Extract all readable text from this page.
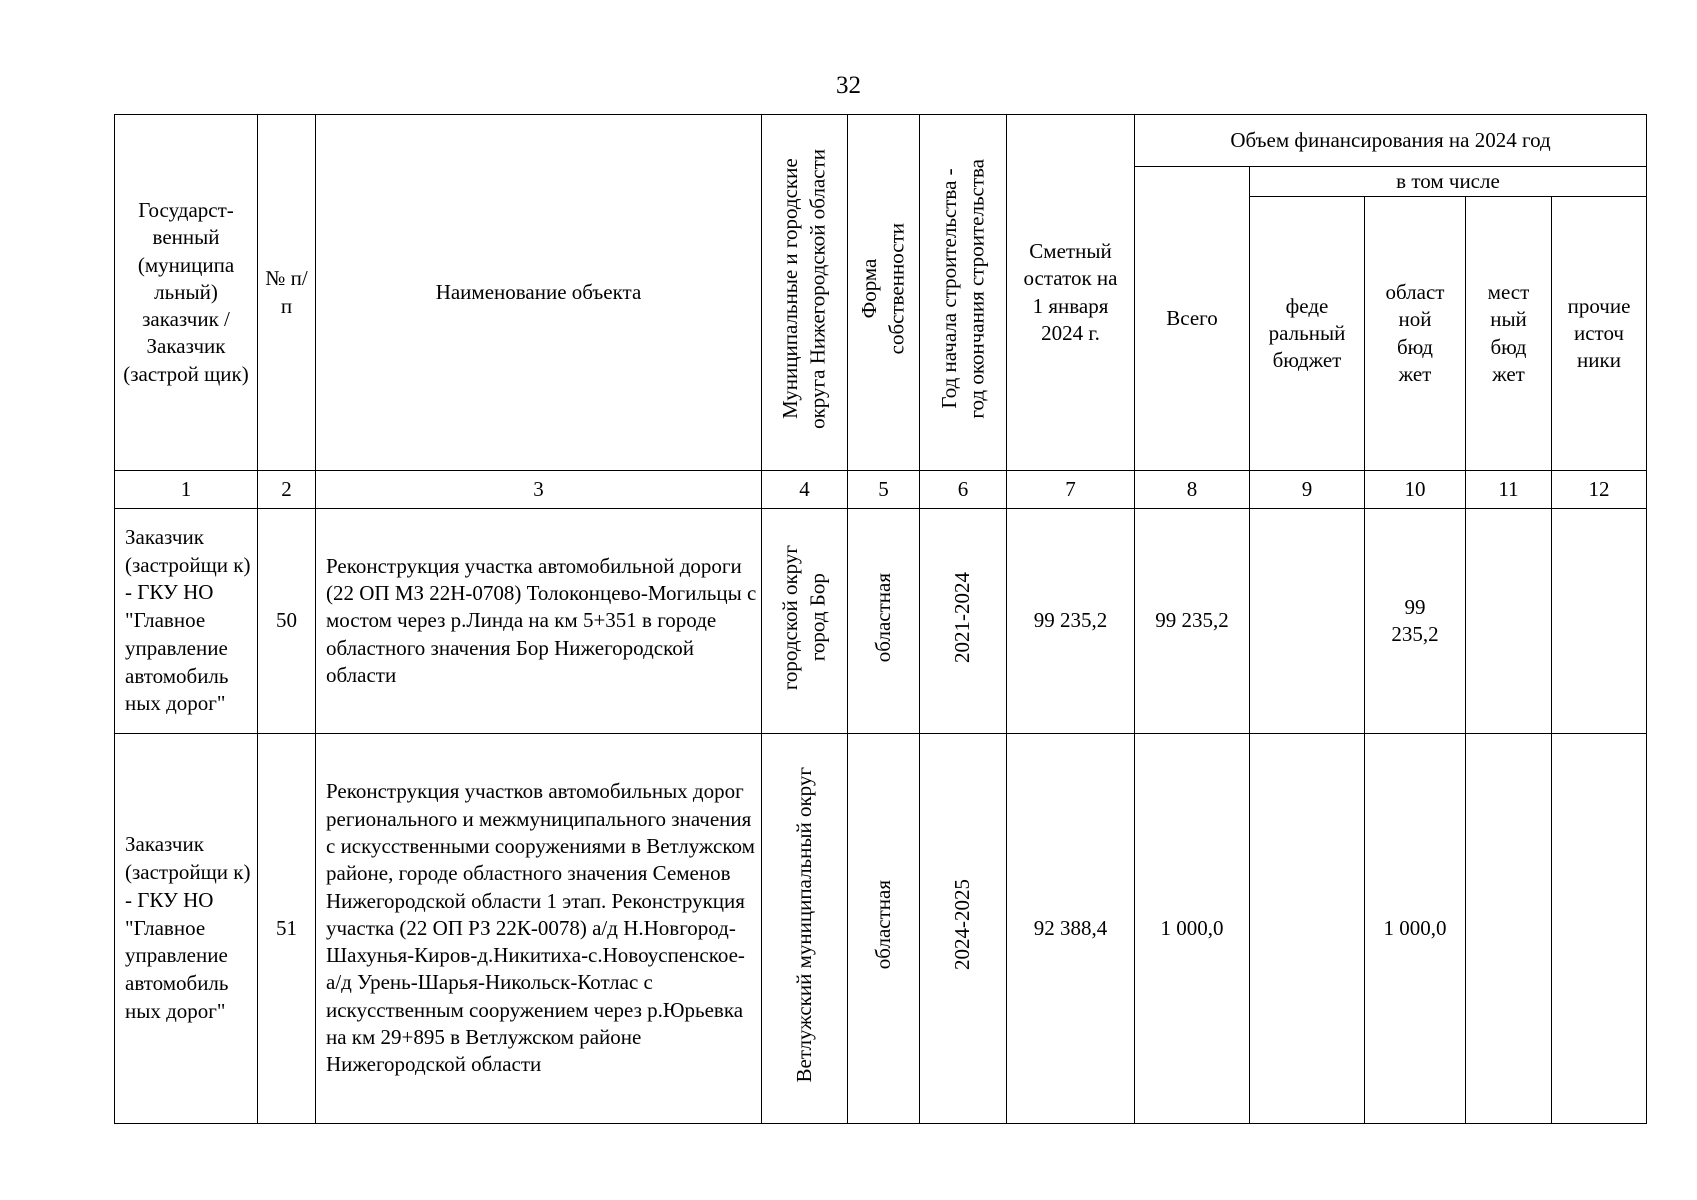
32
Государст-венный (муниципа льный) заказчик / Заказчик (застрой щик)	№ п/п	Наименование объекта	Муниципальные и городские округа Нижегородской области	Форма собственности	Год начала строительства - год окончания строительства	Сметный остаток на 1 января 2024 г.	Объем финансирования на 2024 год				
							Всего	в том числе			
								феде ральный бюджет	област ной бюд жет	мест ный бюд жет	прочие источ ники
1	2	3	4	5	6	7	8	9	10	11	12
Заказчик (застройщи к) - ГКУ НО "Главное управление автомобиль ных дорог"	50	Реконструкция участка автомобильной дороги (22 ОП МЗ 22Н-0708) Толоконцево-Могильцы с мостом через р.Линда на км 5+351 в городе областного значения Бор Нижегородской области	городской округ город Бор	областная	2021-2024	99 235,2	99 235,2		99 235,2		
Заказчик (застройщи к) - ГКУ НО "Главное управление автомобиль ных дорог"	51	Реконструкция участков автомобильных дорог регионального и межмуниципального значения с искусственными сооружениями в Ветлужском районе, городе областного значения Семенов Нижегородской области 1 этап. Реконструкция участка (22 ОП РЗ 22К-0078) а/д Н.Новгород-Шахунья-Киров-д.Никитиха-с.Новоуспенское- а/д Урень-Шарья-Никольск-Котлас с искусственным сооружением через р.Юрьевка на км 29+895 в Ветлужском районе Нижегородской области	Ветлужский муниципальный округ	областная	2024-2025	92 388,4	1 000,0		1 000,0		
